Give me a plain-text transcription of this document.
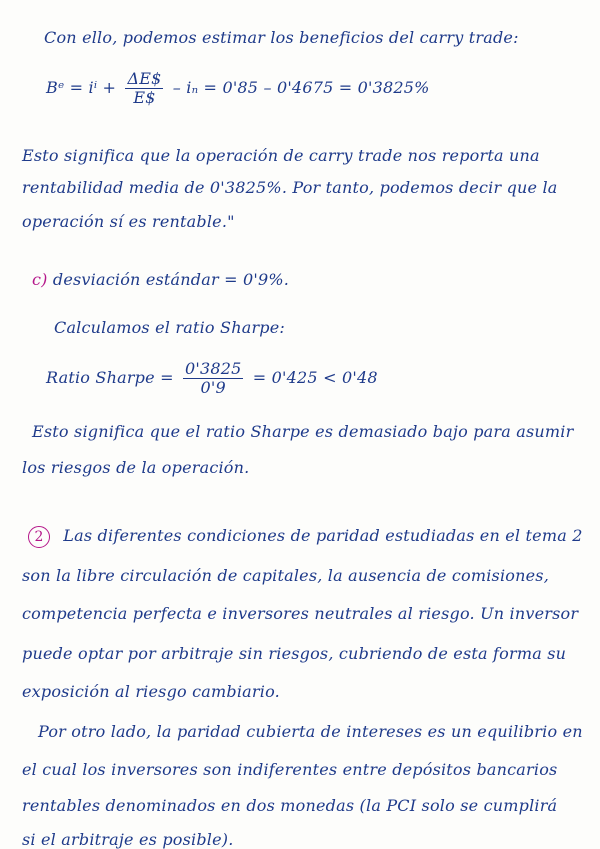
Con ello, podemos estimar los beneficios del carry trade:
Bᵉ = $i^i + \frac{\Delta E\$}{E\$} - i_n = 0'85 - 0'4675 = 0'3825\%$
Esto significa que la operación de carry trade nos reporta una
rentabilidad media de 0'3825%. Por tanto, podemos decir que la
operación sí es rentable."
c) desviación estándar = 0'9%.
Calculamos el ratio Sharpe:
Ratio Sharpe = $\frac{0'3825}{0'9} = 0'425 < 0'48$
Esto significa que el ratio Sharpe es demasiado bajo para asumir
los riesgos de la operación.
2 Las diferentes condiciones de paridad estudiadas en el tema 2
son la libre circulación de capitales, la ausencia de comisiones,
competencia perfecta e inversores neutrales al riesgo. Un inversor
puede optar por arbitraje sin riesgos, cubriendo de esta forma su
exposición al riesgo cambiario.
Por otro lado, la paridad cubierta de intereses es un equilibrio en
el cual los inversores son indiferentes entre depósitos bancarios
rentables denominados en dos monedas (la PCI solo se cumplirá
si el arbitraje es posible).
